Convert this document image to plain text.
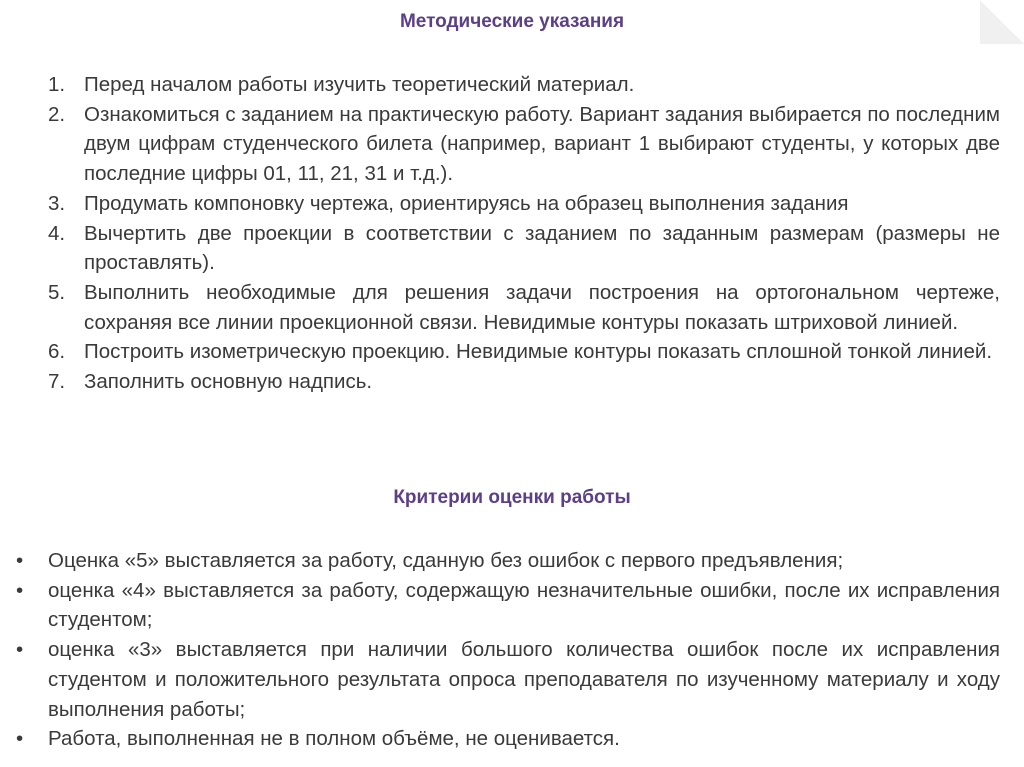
Методические указания
1. Перед началом работы изучить теоретический материал.
2. Ознакомиться с заданием на практическую работу. Вариант задания выбирается по последним двум цифрам студенческого билета (например, вариант 1 выбирают студенты, у которых две последние цифры 01, 11, 21, 31 и т.д.).
3. Продумать компоновку чертежа, ориентируясь на образец выполнения задания
4. Вычертить две проекции в соответствии с заданием по заданным размерам (размеры не проставлять).
5. Выполнить необходимые для решения задачи построения на ортогональном чертеже, сохраняя все линии проекционной связи. Невидимые контуры показать штриховой линией.
6. Построить изометрическую проекцию. Невидимые контуры показать сплошной тонкой линией.
7. Заполнить основную надпись.
Критерии оценки работы
• Оценка «5» выставляется за работу, сданную без ошибок с первого предъявления;
• оценка «4» выставляется за работу, содержащую незначительные ошибки, после их исправления студентом;
• оценка «3» выставляется при наличии большого количества ошибок после их исправления студентом и положительного результата опроса преподавателя по изученному материалу и ходу выполнения работы;
• Работа, выполненная не в полном объёме, не оценивается.
